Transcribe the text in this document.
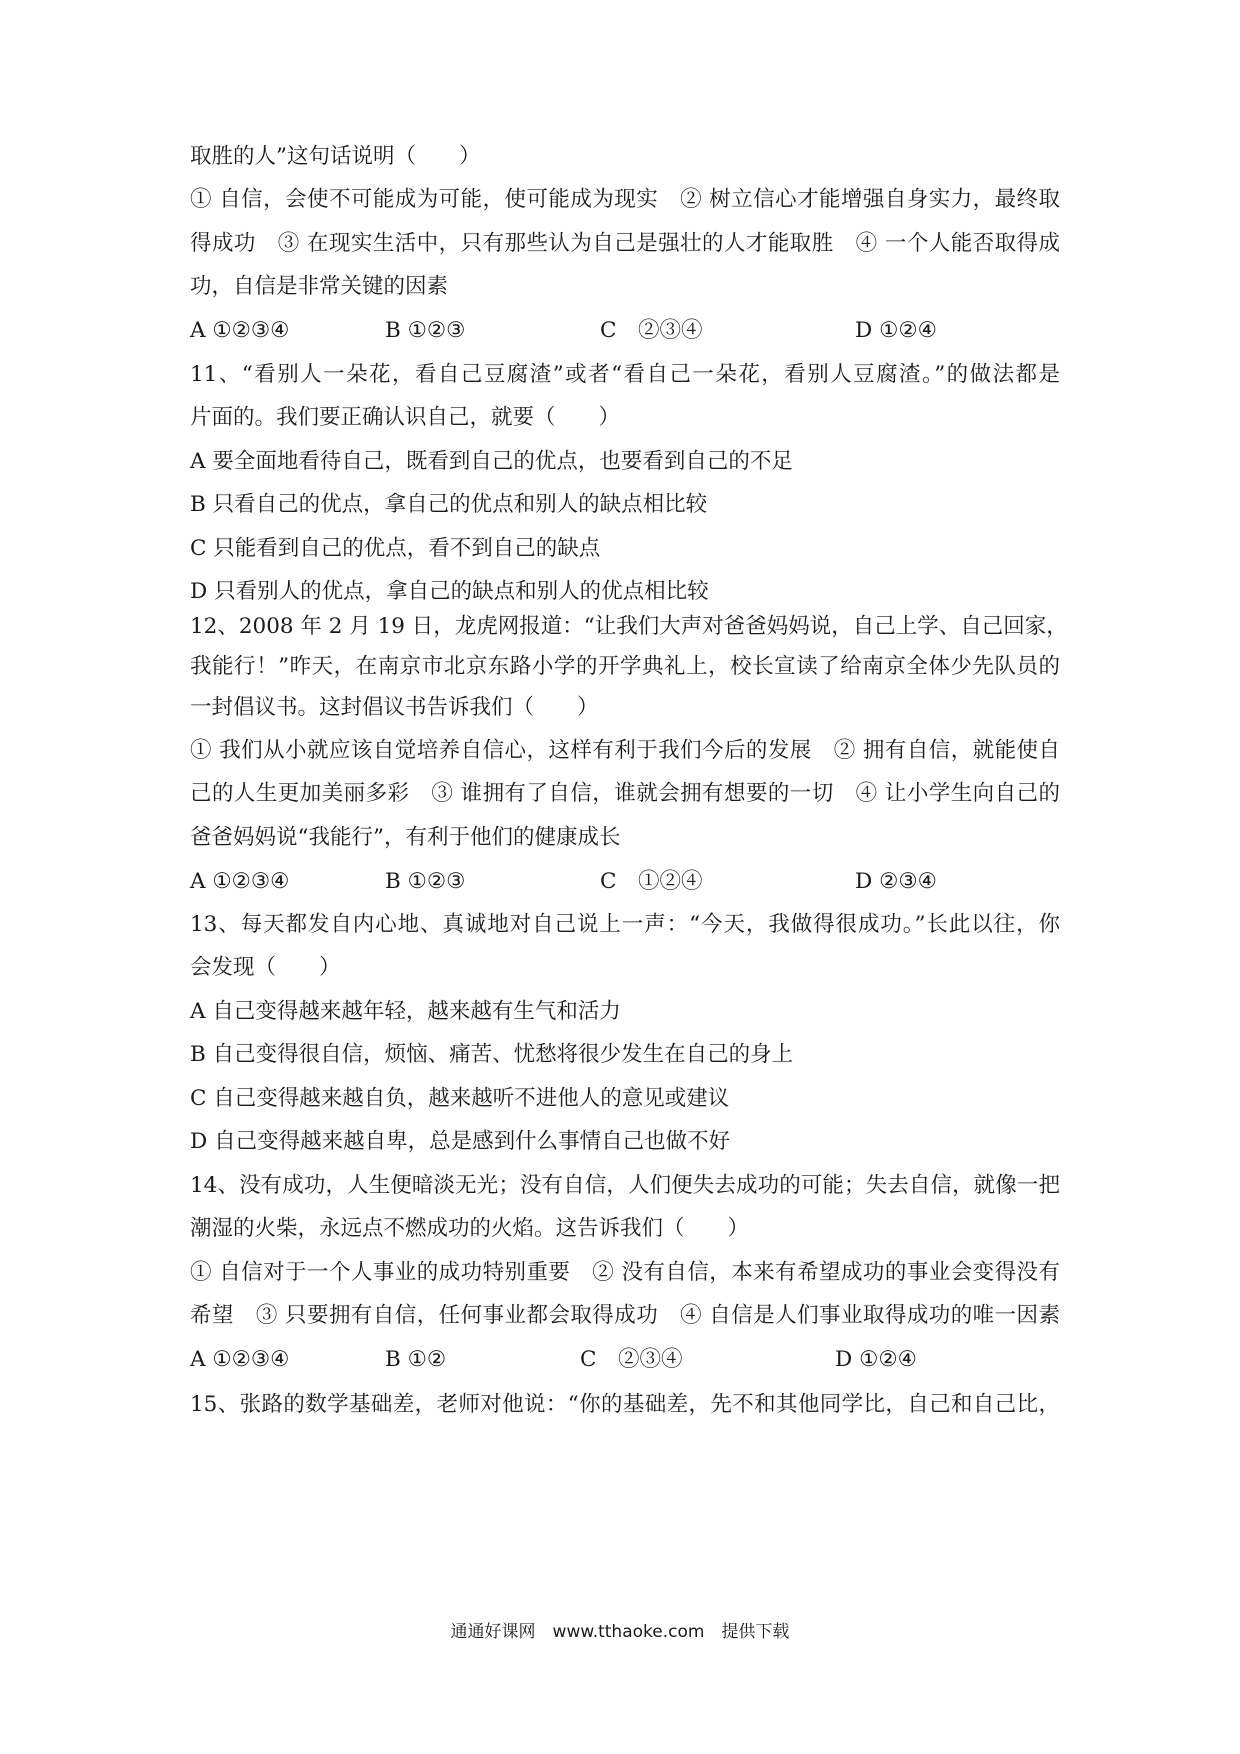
取胜的人”这句话说明（　　）
① 自信，会使不可能成为可能，使可能成为现实　② 树立信心才能增强自身实力，最终取
得成功　③ 在现实生活中，只有那些认为自己是强壮的人才能取胜　④ 一个人能否取得成
功，自信是非常关键的因素
A ①②③④	B ①②③	C　②③④	D ①②④
11、“看别人一朵花，看自己豆腐渣”或者“看自己一朵花，看别人豆腐渣。”的做法都是
片面的。我们要正确认识自己，就要（　　）
A 要全面地看待自己，既看到自己的优点，也要看到自己的不足
B 只看自己的优点，拿自己的优点和别人的缺点相比较
C 只能看到自己的优点，看不到自己的缺点
D 只看别人的优点，拿自己的缺点和别人的优点相比较
12、2008 年 2 月 19 日，龙虎网报道：“让我们大声对爸爸妈妈说，自己上学、自己回家，
我能行！”昨天，在南京市北京东路小学的开学典礼上，校长宣读了给南京全体少先队员的
一封倡议书。这封倡议书告诉我们（　　）
① 我们从小就应该自觉培养自信心，这样有利于我们今后的发展　② 拥有自信，就能使自
己的人生更加美丽多彩　③ 谁拥有了自信，谁就会拥有想要的一切　④ 让小学生向自己的
爸爸妈妈说“我能行”，有利于他们的健康成长
A ①②③④	B ①②③	C　①②④	D ②③④
13、每天都发自内心地、真诚地对自己说上一声：“今天，我做得很成功。”长此以往，你
会发现（　　）
A 自己变得越来越年轻，越来越有生气和活力
B 自己变得很自信，烦恼、痛苦、忧愁将很少发生在自己的身上
C 自己变得越来越自负，越来越听不进他人的意见或建议
D 自己变得越来越自卑，总是感到什么事情自己也做不好
14、没有成功，人生便暗淡无光；没有自信，人们便失去成功的可能；失去自信，就像一把
潮湿的火柴，永远点不燃成功的火焰。这告诉我们（　　）
① 自信对于一个人事业的成功特别重要　② 没有自信，本来有希望成功的事业会变得没有
希望　③ 只要拥有自信，任何事业都会取得成功　④ 自信是人们事业取得成功的唯一因素
A ①②③④	B ①②	C　②③④	D ①②④
15、张路的数学基础差，老师对他说：“你的基础差，先不和其他同学比，自己和自己比，
通通好课网　www.tthaoke.com　提供下载
